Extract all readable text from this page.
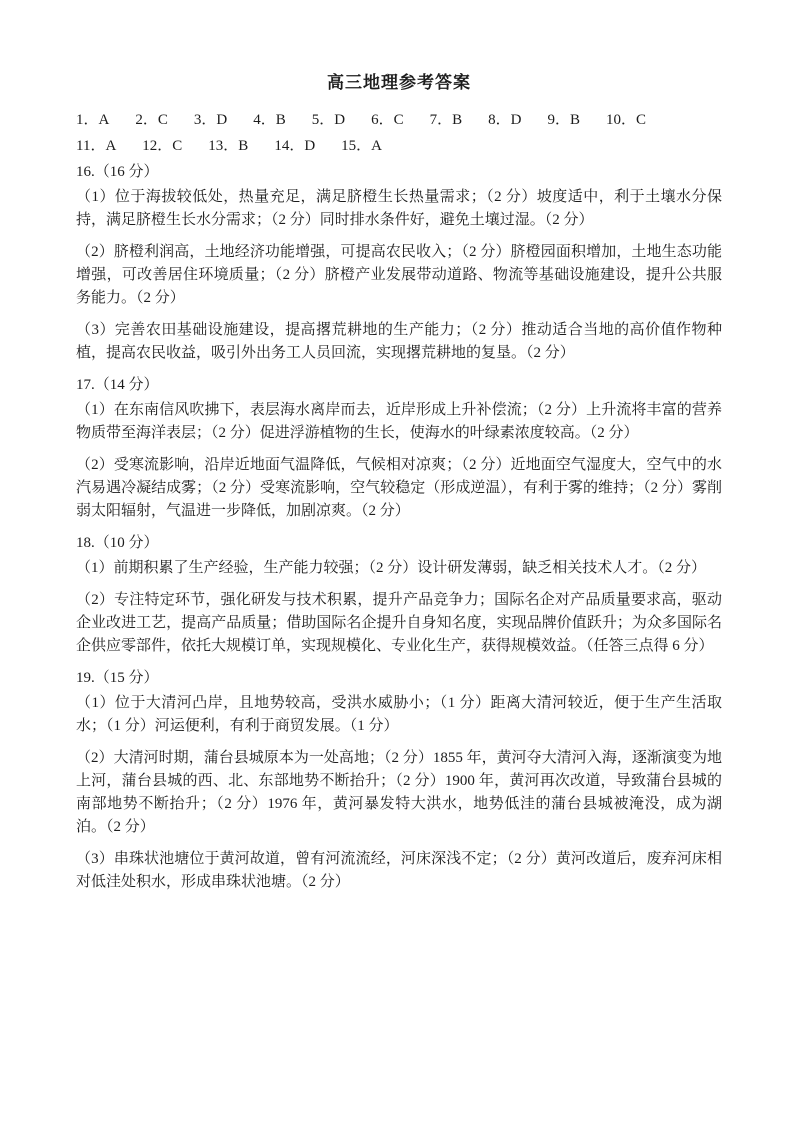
高三地理参考答案
1．A 2．C 3．D 4．B 5．D 6．C 7．B 8．D 9．B 10．C
11．A 12．C 13．B 14．D 15．A
16.（16 分）

（1）位于海拔较低处，热量充足，满足脐橙生长热量需求；（2 分）坡度适中，利于土壤水分保持，满足脐橙生长水分需求；（2 分）同时排水条件好，避免土壤过湿。（2 分）

（2）脐橙利润高，土地经济功能增强，可提高农民收入；（2 分）脐橙园面积增加，土地生态功能增强，可改善居住环境质量；（2 分）脐橙产业发展带动道路、物流等基础设施建设，提升公共服务能力。（2 分）

（3）完善农田基础设施建设，提高撂荒耕地的生产能力；（2 分）推动适合当地的高价值作物种植，提高农民收益，吸引外出务工人员回流，实现撂荒耕地的复垦。（2 分）

17.（14 分）

（1）在东南信风吹拂下，表层海水离岸而去，近岸形成上升补偿流；（2 分）上升流将丰富的营养物质带至海洋表层；（2 分）促进浮游植物的生长，使海水的叶绿素浓度较高。（2 分）

（2）受寒流影响，沿岸近地面气温降低，气候相对凉爽；（2 分）近地面空气湿度大，空气中的水汽易遇冷凝结成雾；（2 分）受寒流影响，空气较稳定（形成逆温），有利于雾的维持；（2 分）雾削弱太阳辐射，气温进一步降低，加剧凉爽。（2 分）

18.（10 分）

（1）前期积累了生产经验，生产能力较强；（2 分）设计研发薄弱，缺乏相关技术人才。（2 分）

（2）专注特定环节，强化研发与技术积累，提升产品竞争力；国际名企对产品质量要求高，驱动企业改进工艺，提高产品质量；借助国际名企提升自身知名度，实现品牌价值跃升；为众多国际名企供应零部件，依托大规模订单，实现规模化、专业化生产，获得规模效益。（任答三点得 6 分）

19.（15 分）

（1）位于大清河凸岸，且地势较高，受洪水威胁小；（1 分）距离大清河较近，便于生产生活取水；（1 分）河运便利，有利于商贸发展。（1 分）

（2）大清河时期，蒲台县城原本为一处高地；（2 分）1855 年，黄河夺大清河入海，逐渐演变为地上河，蒲台县城的西、北、东部地势不断抬升；（2 分）1900 年，黄河再次改道，导致蒲台县城的南部地势不断抬升；（2 分）1976 年，黄河暴发特大洪水，地势低洼的蒲台县城被淹没，成为湖泊。（2 分）

（3）串珠状池塘位于黄河故道，曾有河流流经，河床深浅不定；（2 分）黄河改道后，废弃河床相对低洼处积水，形成串珠状池塘。（2 分）
